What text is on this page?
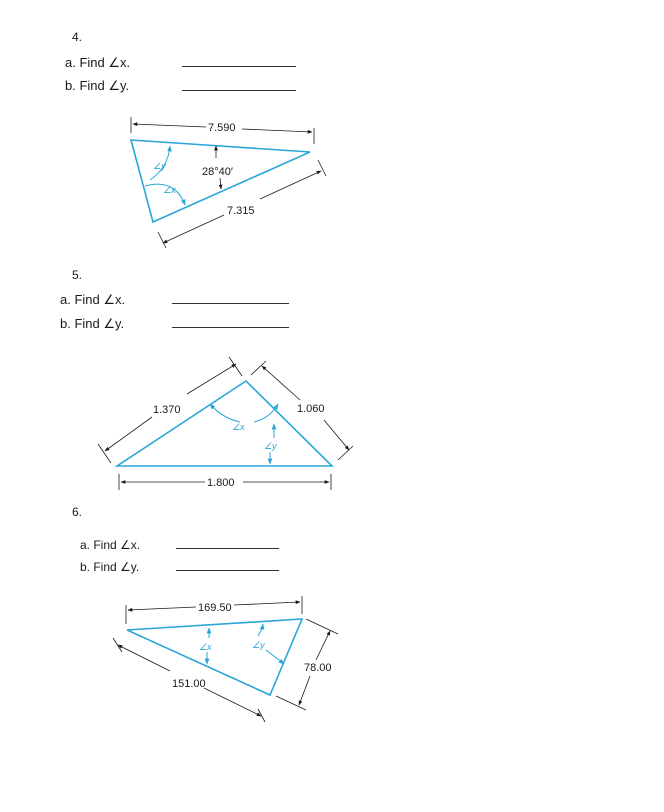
4.
a. Find ∠x.
b. Find ∠y.
5.
a. Find ∠x.
b. Find ∠y.
6.
a. Find ∠x.
b. Find ∠y.
7.590
7.315
28°40′
∠y
∠x
1.370	1.060
1.800
∠x
∠y
169.50
151.00
78.00
∠x	∠y
